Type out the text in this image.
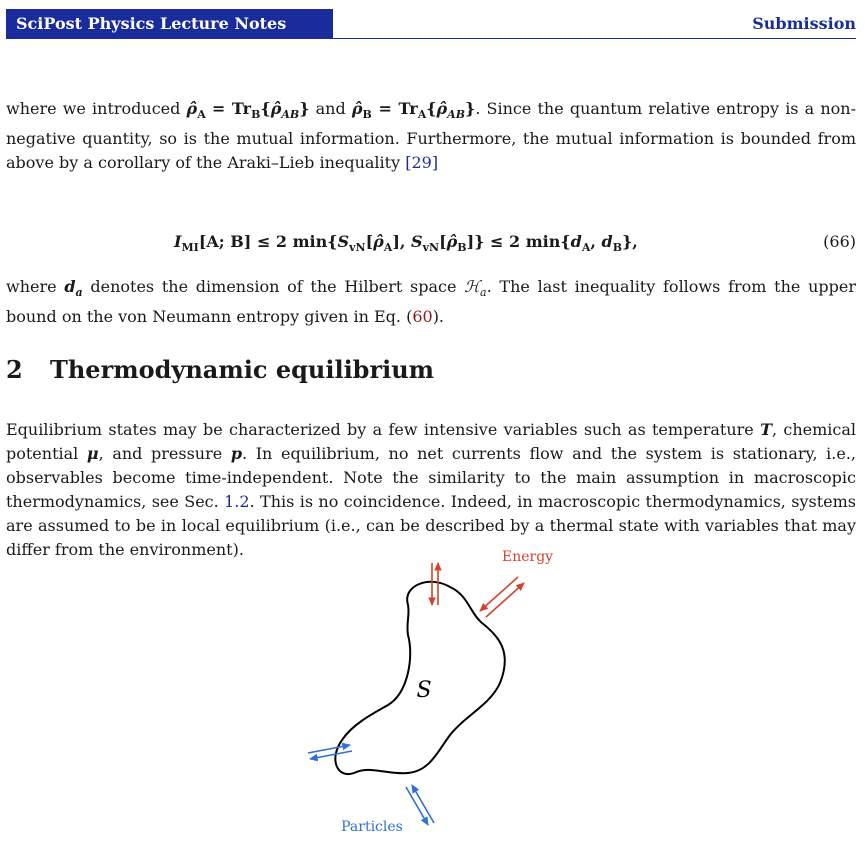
SciPost Physics Lecture Notes	Submission

where we introduced $\rhô_A$ = $Tr_B\{\rhô_{AB}\}$ and $\rhô_B$ = $Tr_A\{\rhô_{AB}\}$. Since the quantum relative entropy is a non-negative quantity, so is the mutual information. Furthermore, the mutual information is bounded from above by a corollary of the Araki–Lieb inequality [29]

$I_{MI}[A$; B] ≤ 2 $\min\{S_{vN}[\rhô_A]$, $S_{vN}[\rhô_B]\} \le 2$ $\min\{d_A$, $d_B$},	(66)

where $d_a$ denotes the dimension of the Hilbert space ℋ$_a$. The last inequality follows from the upper bound on the von Neumann entropy given in Eq. (60).

2 Thermodynamic equilibrium

Equilibrium states may be characterized by a few intensive variables such as temperature T, chemical potential μ, and pressure p. In equilibrium, no net currents flow and the system is stationary, i.e., observables become time-independent. Note the similarity to the main assumption in macroscopic thermodynamics, see Sec. 1.2. This is no coincidence. Indeed, in macroscopic thermodynamics, systems are assumed to be in local equilibrium (i.e., can be described by a thermal state with variables that may differ from the environment).	Energy
Particles
S
